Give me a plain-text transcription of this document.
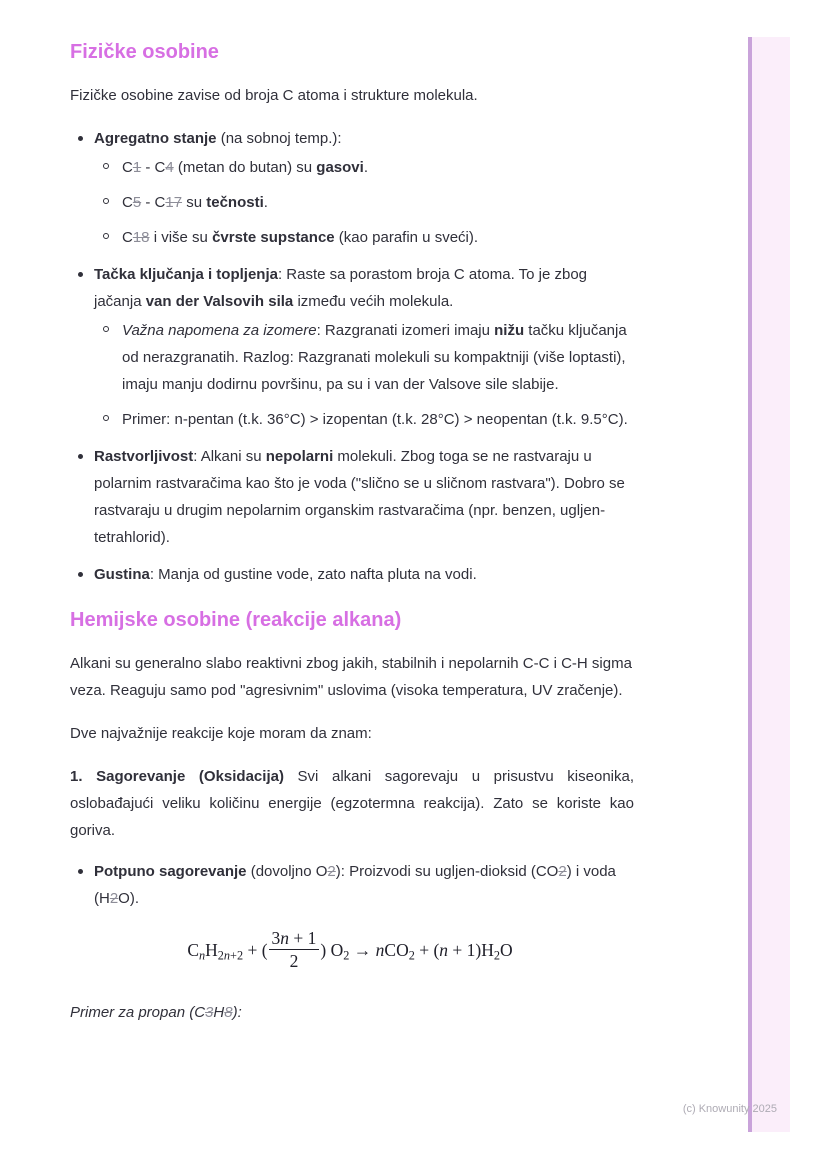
Fizičke osobine

Fizičke osobine zavise od broja C atoma i strukture molekula.

Agregatno stanje (na sobnoj temp.):
C1 - C4 (metan do butan) su gasovi.
C5 - C17 su tečnosti.
C18 i više su čvrste supstance (kao parafin u sveći).
Tačka ključanja i topljenja: Raste sa porastom broja C atoma. To je zbog jačanja van der Valsovih sila između većih molekula.
Važna napomena za izomere: Razgranati izomeri imaju nižu tačku ključanja od nerazgranatih. Razlog: Razgranati molekuli su kompaktniji (više loptasti), imaju manju dodirnu površinu, pa su i van der Valsove sile slabije.
Primer: n-pentan (t.k. 36°C) > izopentan (t.k. 28°C) > neopentan (t.k. 9.5°C).
Rastvorljivost: Alkani su nepolarni molekuli. Zbog toga se ne rastvaraju u polarnim rastvaračima kao što je voda ("slično se u sličnom rastvara"). Dobro se rastvaraju u drugim nepolarnim organskim rastvaračima (npr. benzen, ugljen-tetrahlorid).
Gustina: Manja od gustine vode, zato nafta pluta na vodi.
Hemijske osobine (reakcije alkana)

Alkani su generalno slabo reaktivni zbog jakih, stabilnih i nepolarnih C-C i C-H sigma veza. Reaguju samo pod "agresivnim" uslovima (visoka temperatura, UV zračenje).

Dve najvažnije reakcije koje moram da znam:

1. Sagorevanje (Oksidacija) Svi alkani sagorevaju u prisustvu kiseonika, oslobađajući veliku količinu energije (egzotermna reakcija). Zato se koriste kao goriva.

Potpuno sagorevanje (dovoljno O2): Proizvodi su ugljen-dioksid (CO2) i voda (H2O).
$C_nH_{2n+2}$ + ( $\frac{3n + 1}{2}$ ) $O_2 \to nCO_2 + (n + 1)H_2O$

Primer za propan (C3H8):

(c) Knowunity 2025
